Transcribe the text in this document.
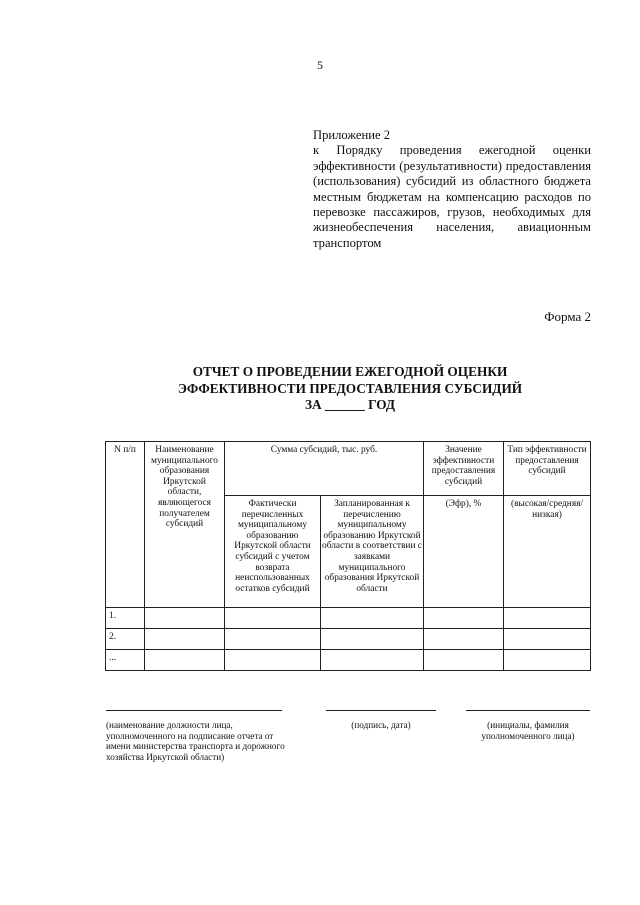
5
Приложение 2
к Порядку проведения ежегодной оценки эффективности (результативности) предоставления (использования) субсидий из областного бюджета местным бюджетам на компенсацию расходов по перевозке пассажиров, грузов, необходимых для жизнеобеспечения населения, авиационным транспортом
Форма 2
ОТЧЕТ О ПРОВЕДЕНИИ ЕЖЕГОДНОЙ ОЦЕНКИ
ЭФФЕКТИВНОСТИ ПРЕДОСТАВЛЕНИЯ СУБСИДИЙ
ЗА ______ ГОД
N п/п	Наименование муниципального образования Иркутской области, являющегося получателем субсидий	Сумма субсидий, тыс. руб.		Значение эффективности предоставления субсидий	Тип эффективности предоставления субсидий
		Фактически перечисленных муниципальному образованию Иркутской области субсидий с учетом возврата неиспользованных остатков субсидий	Запланированная к перечислению муниципальному образованию Иркутской области в соответствии с заявками муниципального образования Иркутской области	(Эфр), %	(высокая/средняя/ низкая)
1.					
2.					
...					
(наименование должности лица, уполномоченного на подписание отчета от имени министерства транспорта и дорожного хозяйства Иркутской области)
(подпись, дата)	(инициалы, фамилия уполномоченного лица)
